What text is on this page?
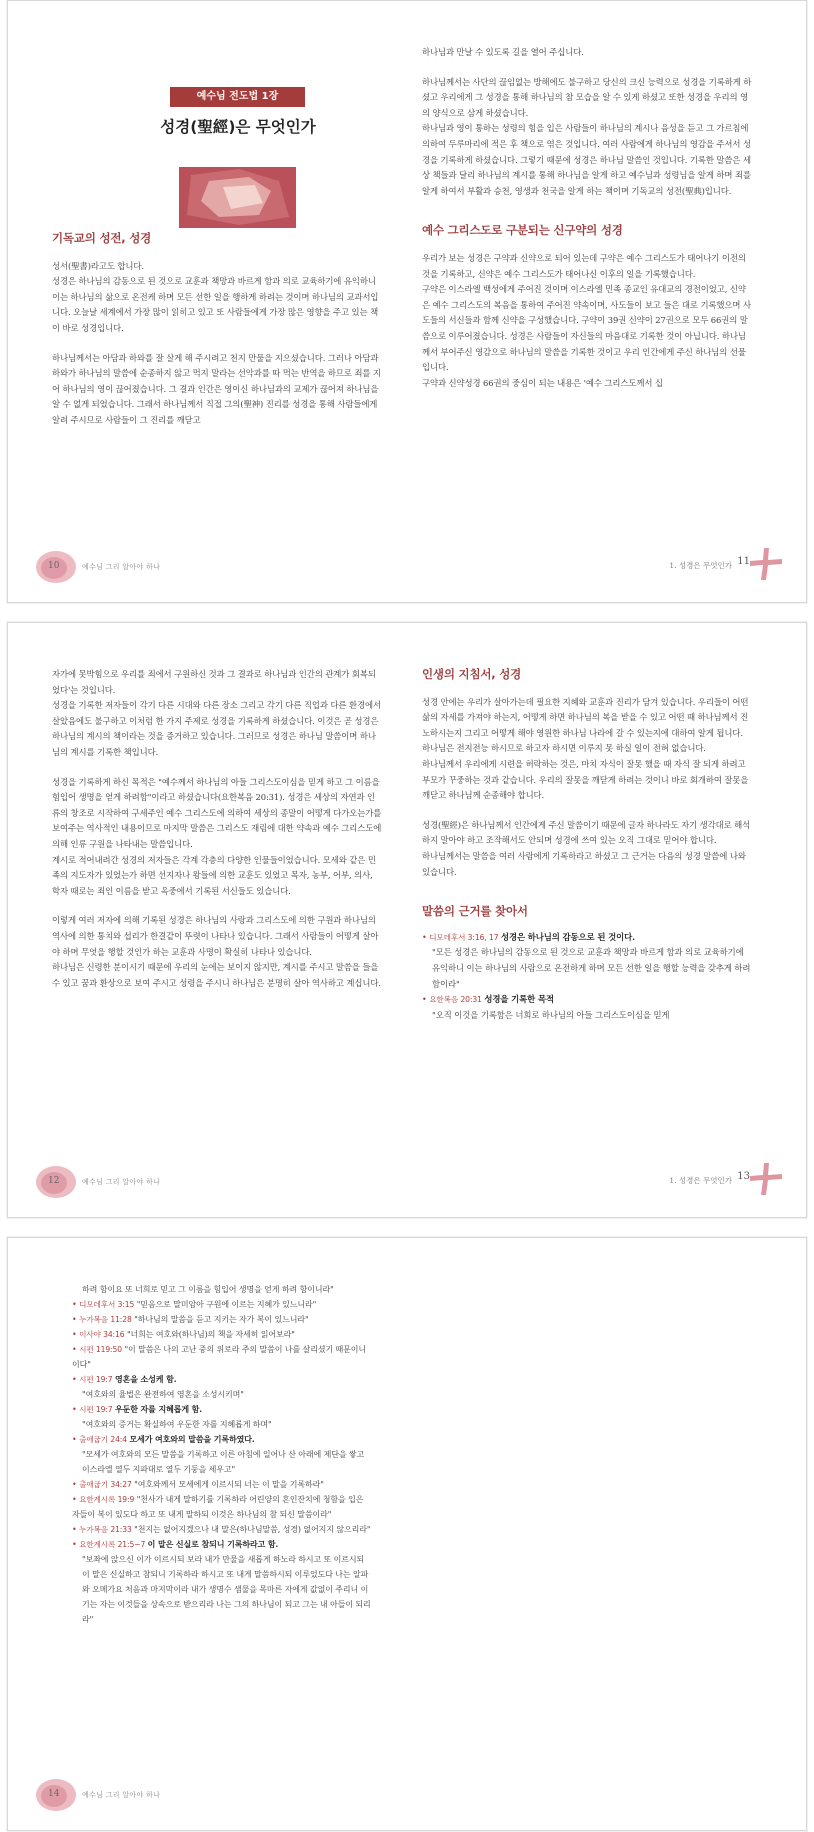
예수님 전도법 1장
성경(聖經)은 무엇인가
기독교의 성전, 성경

성서(聖書)라고도 합니다.

성경은 하나님의 감동으로 된 것으로 교훈과 책망과 바르게 함과 의로 교육하기에 유익하니 이는 하나님의 삶으로 온전케 하며 모든 선한 일을 행하게 하려는 것이며 하나님의 교과서입니다. 오늘날 세계에서 가장 많이 읽히고 있고 또 사람들에게 가장 많은 영향을 주고 있는 책이 바로 성경입니다.

하나님께서는 아담과 하와를 잘 살게 해 주시려고 천지 만물을 지으셨습니다. 그러나 아담과 하와가 하나님의 말씀에 순종하지 않고 먹지 말라는 선악과를 따 먹는 반역을 하므로 죄를 지어 하나님의 영이 끊어졌습니다. 그 결과 인간은 영이신 하나님과의 교제가 끊어져 하나님을 알 수 없게 되었습니다. 그래서 하나님께서 직접 그의(聖神) 진리를 성경을 통해 사람들에게 알려 주시므로 사람들이 그 진리를 깨닫고

10	예수님 그리 알아야 하나

하나님과 만날 수 있도록 길을 열어 주십니다.

하나님께서는 사단의 끊임없는 방해에도 불구하고 당신의 크신 능력으로 성경을 기록하게 하셨고 우리에게 그 성경을 통해 하나님의 참 모습을 알 수 있게 하셨고 또한 성경을 우리의 영의 양식으로 삼게 하셨습니다.

하나님과 영이 통하는 성령의 힘을 입은 사람들이 하나님의 계시나 음성을 듣고 그 가르침에 의하여 두루마리에 적은 후 책으로 엮은 것입니다. 여러 사람에게 하나님의 영감을 주셔서 성경을 기록하게 하셨습니다. 그렇기 때문에 성경은 하나님 말씀인 것입니다. 기록한 말씀은 세상 책들과 달리 하나님의 계시를 통해 하나님을 알게 하고 예수님과 성령님을 알게 하며 죄를 알게 하여서 부활과 승천, 영생과 천국을 알게 하는 책이며 기독교의 성전(聖典)입니다.

예수 그리스도로 구분되는 신구약의 성경

우리가 보는 성경은 구약과 신약으로 되어 있는데 구약은 예수 그리스도가 태어나기 이전의 것을 기록하고, 신약은 예수 그리스도가 태어나신 이후의 일을 기록했습니다.

구약은 이스라엘 백성에게 주어진 것이며 이스라엘 민족 종교인 유대교의 경전이었고, 신약은 예수 그리스도의 복음을 통하여 주어진 약속이며, 사도들이 보고 들은 대로 기록했으며 사도들의 서신들과 함께 신약을 구성했습니다. 구약이 39권 신약이 27권으로 모두 66권의 말씀으로 이루어졌습니다. 성경은 사람들이 자신들의 마음대로 기록한 것이 아닙니다. 하나님께서 부어주신 영감으로 하나님의 말씀을 기록한 것이고 우리 인간에게 주신 하나님의 선물입니다.

구약과 신약성경 66권의 중심이 되는 내용은 '예수 그리스도께서 십

1. 성경은 무엇인가 11

자가에 못박힘으로 우리를 죄에서 구원하신 것과 그 결과로 하나님과 인간의 관계가 회복되었다'는 것입니다.

성경을 기록한 저자들이 각기 다른 시대와 다른 장소 그리고 각기 다른 직업과 다른 환경에서 살았음에도 불구하고 이처럼 한 가지 주제로 성경을 기록하게 하셨습니다. 이것은 곧 성경은 하나님의 계시의 책이라는 것을 증거하고 있습니다. 그러므로 성경은 하나님 말씀이며 하나님의 계시를 기록한 책입니다.

성경을 기록하게 하신 목적은 "예수께서 하나님의 아들 그리스도이심을 믿게 하고 그 이름을 힘입어 생명을 얻게 하려함"이라고 하셨습니다(요한복음 20:31). 성경은 세상의 자연과 인류의 창조로 시작하여 구세주인 예수 그리스도에 의하여 세상의 종말이 어떻게 다가오는가를 보여주는 역사적인 내용이므로 마지막 말씀은 그리스도 재림에 대한 약속과 예수 그리스도에 의해 인류 구원을 나타내는 말씀입니다.

계시로 적어내려간 성경의 저자들은 각계 각층의 다양한 인물들이었습니다. 모세와 같은 민족의 지도자가 있었는가 하면 선지자나 왕들에 의한 교훈도 있었고 목자, 농부, 어부, 의사, 학자 때로는 죄인 이름을 받고 옥중에서 기록된 서신들도 있습니다.

이렇게 여러 저자에 의해 기록된 성경은 하나님의 사랑과 그리스도에 의한 구원과 하나님의 역사에 의한 통치와 섭리가 한결같이 뚜렷이 나타나 있습니다. 그래서 사람들이 어떻게 살아야 하며 무엇을 행할 것인가 하는 교훈과 사명이 확실히 나타나 있습니다.

하나님은 신령한 분이시기 때문에 우리의 눈에는 보이지 않지만, 계시를 주시고 말씀을 들을 수 있고 꿈과 환상으로 보여 주시고 성령을 주시니 하나님은 분명히 살아 역사하고 계십니다.

12	예수님 그리 알아야 하나
인생의 지침서, 성경

성경 안에는 우리가 살아가는데 필요한 지혜와 교훈과 진리가 담겨 있습니다. 우리들이 어떤 삶의 자세를 가져야 하는지, 어떻게 하면 하나님의 복을 받을 수 있고 어떤 때 하나님께서 진노하시는지 그리고 어떻게 해야 영원한 하나님 나라에 갈 수 있는지에 대하여 알게 됩니다. 하나님은 전지전능 하시므로 하고자 하시면 이루지 못 하실 일이 전혀 없습니다.

하나님께서 우리에게 시련을 허락하는 것은, 마치 자식이 잘못 했을 때 자식 잘 되게 하려고 부모가 꾸중하는 것과 같습니다. 우리의 잘못을 깨닫게 하려는 것이니 바로 회개하여 잘못을 깨닫고 하나님께 순종해야 합니다.

성경(聖經)은 하나님께서 인간에게 주신 말씀이기 때문에 글자 하나라도 자기 생각대로 해석하지 말아야 하고 조작해서도 안되며 성경에 쓰여 있는 오직 그대로 믿어야 합니다.

하나님께서는 말씀을 여러 사람에게 기록하라고 하셨고 그 근거는 다음의 성경 말씀에 나와 있습니다.

말씀의 근거를 찾아서
• 디모데후서 3:16, 17 성경은 하나님의 감동으로 된 것이다.

"모든 성경은 하나님의 감동으로 된 것으로 교훈과 책망과 바르게 함과 의로 교육하기에 유익하니 이는 하나님의 사람으로 온전하게 하며 모든 선한 일을 행할 능력을 갖추게 하려 함이라"

• 요한복음 20:31 성경을 기록한 목적

"오직 이것을 기록함은 너희로 하나님의 아들 그리스도이심을 믿게

1. 성경은 무엇인가 13

하려 함이요 또 너희로 믿고 그 이름을 힘입어 생명을 얻게 하려 함이니라"

• 디모데후서 3:15 "믿음으로 말미암아 구원에 이르는 지혜가 있느니라"
• 누가복음 11:28 "하나님의 말씀을 듣고 지키는 자가 복이 있느니라"
• 이사야 34:16 "너희는 여호와(하나님)의 책을 자세히 읽어보라"
• 시편 119:50 "이 말씀은 나의 고난 중의 위로라 주의 말씀이 나를 살리셨기 때문이니이다"
• 시편 19:7 영혼을 소성케 함.

"여호와의 율법은 완전하여 영혼을 소성시키며"

• 시편 19:7 우둔한 자를 지혜롭게 함.

"여호와의 증거는 확실하여 우둔한 자를 지혜롭게 하며"

• 출애굽기 24:4 모세가 여호와의 말씀을 기록하였다.

"모세가 여호와의 모든 말씀을 기록하고 이른 아침에 일어나 산 아래에 제단을 쌓고 이스라엘 열두 지파대로 열두 기둥을 세우고"

• 출애굽기 34:27 "여호와께서 모세에게 이르시되 너는 이 말을 기록하라"
• 요한계시록 19:9 "천사가 내게 말하기를 기록하라 어린양의 혼인잔치에 청함을 입은 자들이 복이 있도다 하고 또 내게 말하되 이것은 하나님의 참 되신 말씀이라"
• 누가복음 21:33 "천지는 없어지겠으나 내 말은(하나님말씀, 성경) 없어지지 않으리라"
• 요한계시록 21:5~7 이 말은 신실로 참되니 기록하라고 함.

"보좌에 앉으신 이가 이르시되 보라 내가 만물을 새롭게 하노라 하시고 또 이르시되 이 말은 신실하고 참되니 기록하라 하시고 또 내게 말씀하시되 이루었도다 나는 알파와 오메가요 처음과 마지막이라 내가 생명수 샘물을 목마른 자에게 값없이 주리니 이기는 자는 이것들을 상속으로 받으리라 나는 그의 하나님이 되고 그는 내 아들이 되리라"

14	예수님 그리 알아야 하나
